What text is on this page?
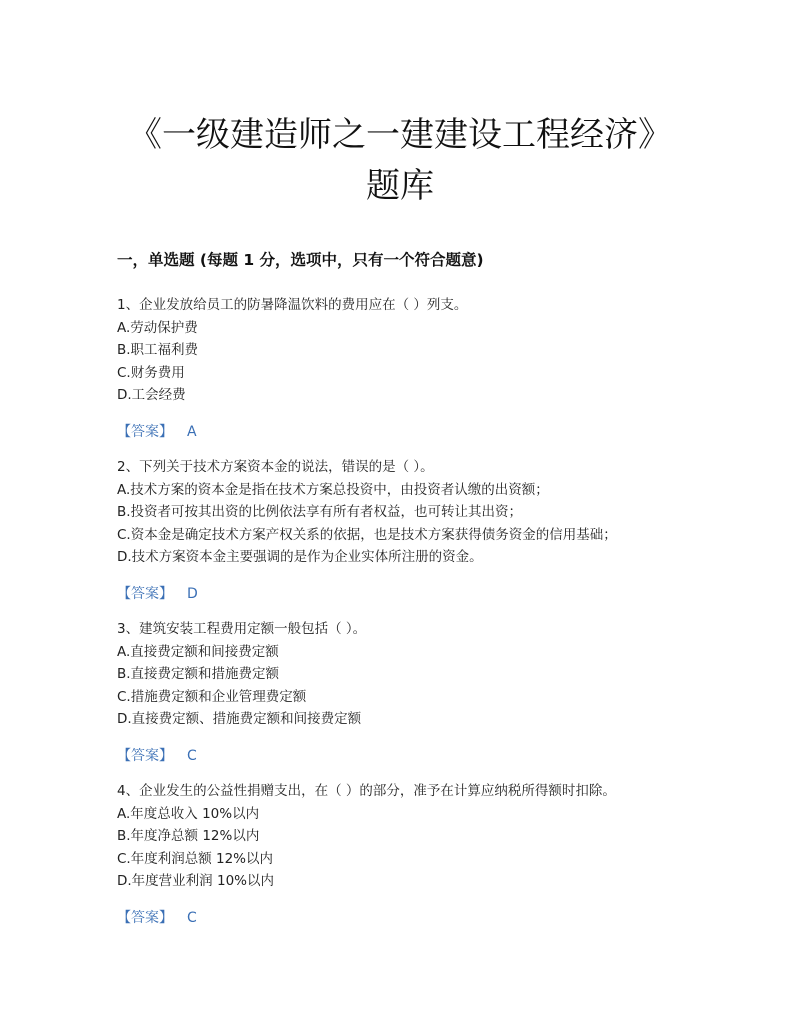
《一级建造师之一建建设工程经济》
题库
一，单选题 (每题 1 分，选项中，只有一个符合题意)
1、企业发放给员工的防暑降温饮料的费用应在（ ）列支。
A.劳动保护费
B.职工福利费
C.财务费用
D.工会经费
【答案】 A
2、下列关于技术方案资本金的说法，错误的是（ ）。
A.技术方案的资本金是指在技术方案总投资中，由投资者认缴的出资额；
B.投资者可按其出资的比例依法享有所有者权益，也可转让其出资；
C.资本金是确定技术方案产权关系的依据，也是技术方案获得债务资金的信用基础；
D.技术方案资本金主要强调的是作为企业实体所注册的资金。
【答案】 D
3、建筑安装工程费用定额一般包括（ ）。
A.直接费定额和间接费定额
B.直接费定额和措施费定额
C.措施费定额和企业管理费定额
D.直接费定额、措施费定额和间接费定额
【答案】 C
4、企业发生的公益性捐赠支出，在（ ）的部分，准予在计算应纳税所得额时扣除。
A.年度总收入 10%以内
B.年度净总额 12%以内
C.年度利润总额 12%以内
D.年度营业利润 10%以内
【答案】 C
